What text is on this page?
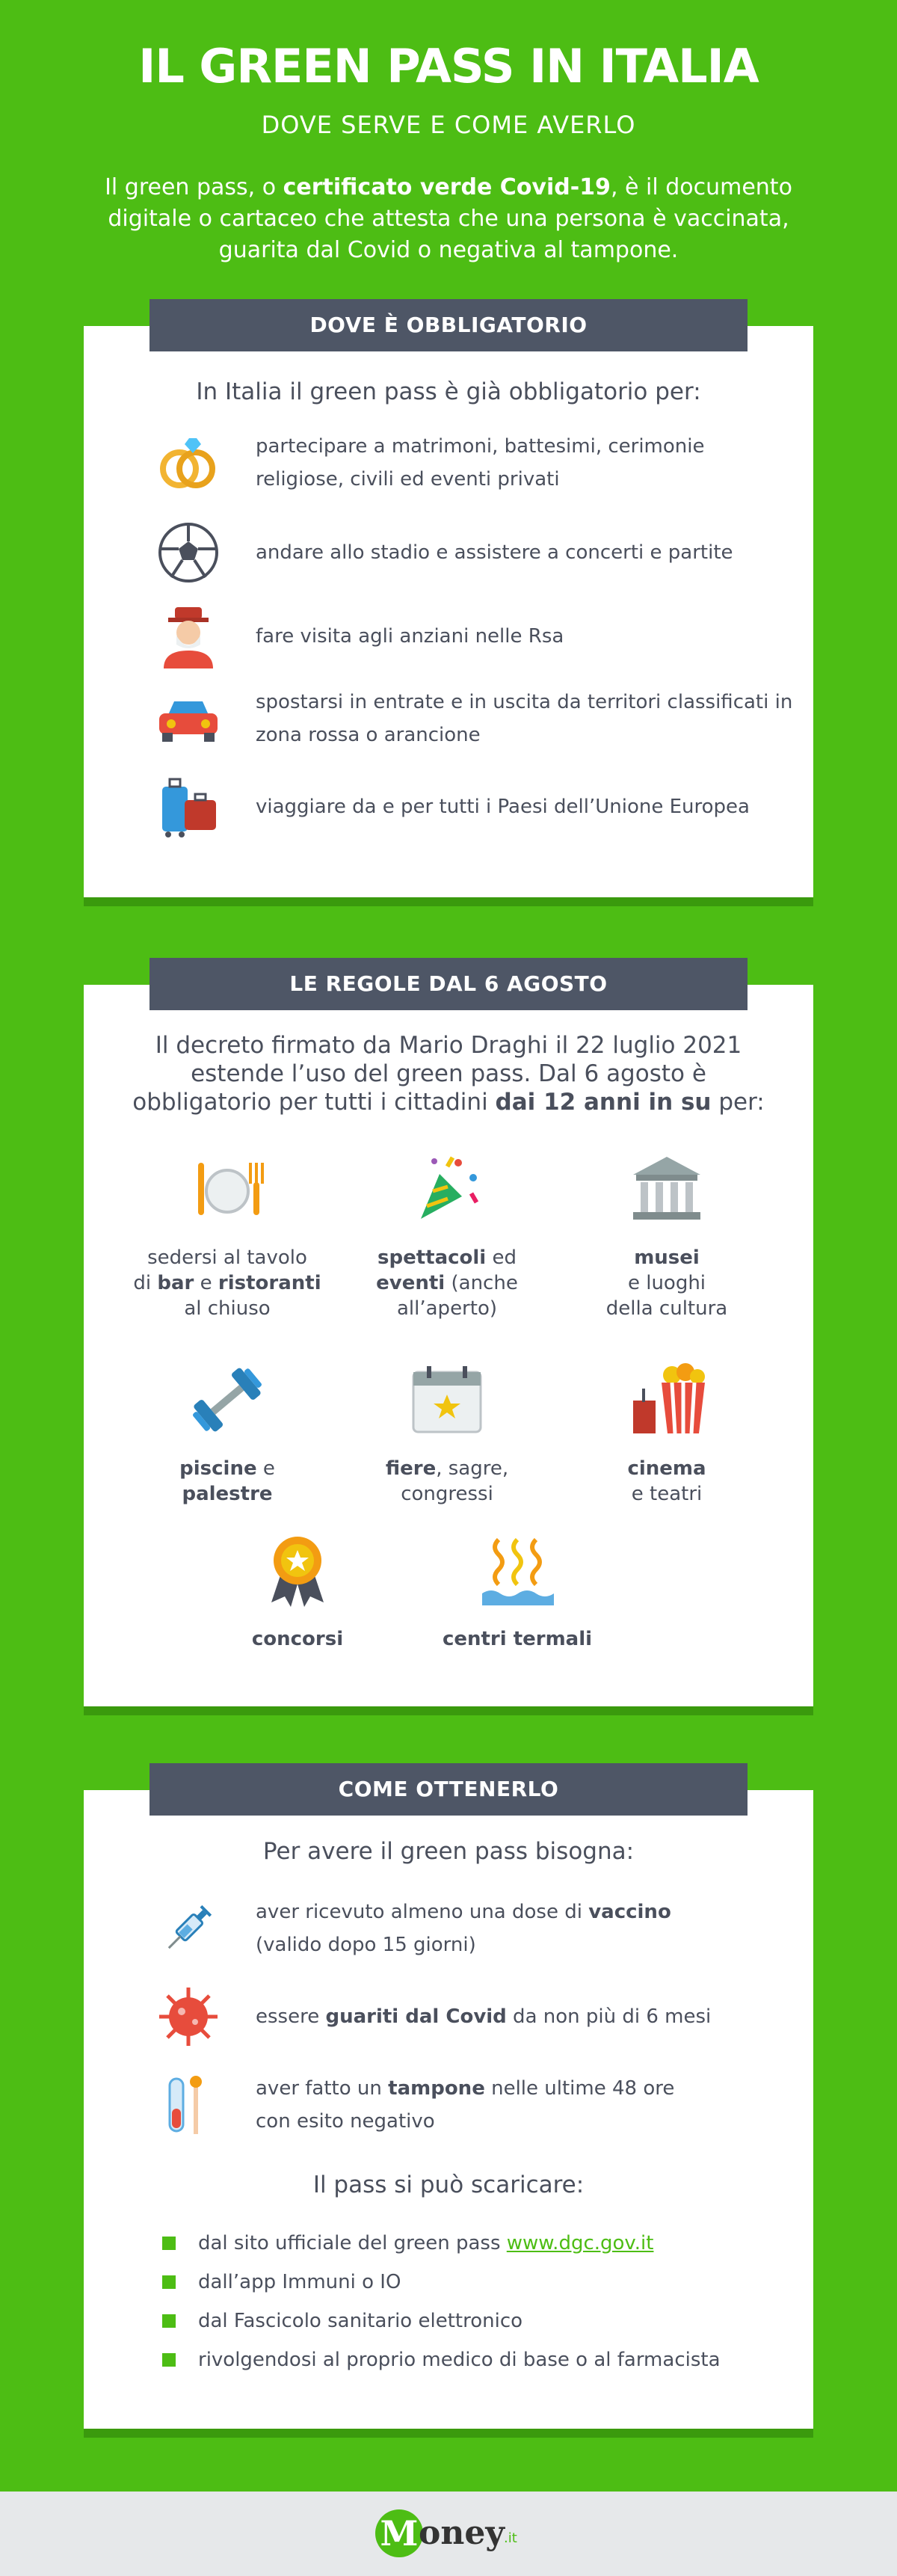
IL GREEN PASS IN ITALIA
DOVE SERVE E COME AVERLO

Il green pass, o certificato verde Covid-19, è il documento digitale o cartaceo che attesta che una persona è vaccinata, guarita dal Covid o negativa al tampone.

DOVE È OBBLIGATORIO
In Italia il green pass è già obbligatorio per:
partecipare a matrimoni, battesimi, cerimonie religiose, civili ed eventi privati
andare allo stadio e assistere a concerti e partite
fare visita agli anziani nelle Rsa
spostarsi in entrate e in uscita da territori classificati in zona rossa o arancione
viaggiare da e per tutti i Paesi dell’Unione Europea
LE REGOLE DAL 6 AGOSTO
Il decreto firmato da Mario Draghi il 22 luglio 2021 estende l’uso del green pass. Dal 6 agosto è obbligatorio per tutti i cittadini dai 12 anni in su per:
sedersi al tavolo
di bar e ristoranti
al chiuso
spettacoli ed
eventi (anche
all’aperto)
musei
e luoghi
della cultura
piscine e
palestre
fiere, sagre,
congressi
cinema
e teatri
concorsi	centri termali
COME OTTENERLO
Per avere il green pass bisogna:
aver ricevuto almeno una dose di vaccino
(valido dopo 15 giorni)
essere guariti dal Covid da non più di 6 mesi
aver fatto un tampone nelle ultime 48 ore
con esito negativo
Il pass si può scaricare:
dal sito ufficiale del green pass
www.dgc.gov.it
dall’app Immuni o IO
dal Fascicolo sanitario elettronico
rivolgendosi al proprio medico di base o al farmacista
M oney .it
